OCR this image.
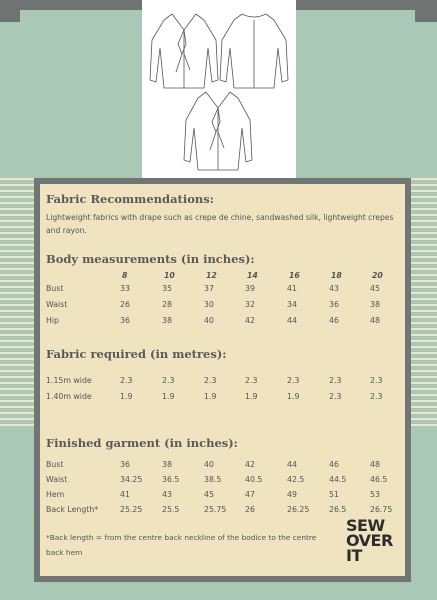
Fabric Recommendations:
Lightweight fabrics with drape such as crepe de chine, sandwashed silk, lightweight crepes and rayon.
Body measurements (in inches):
8	10	12	14	16	18	20
Bust	33	35	37	39	41	43	45
Waist	26	28	30	32	34	36	38
Hip	36	38	40	42	44	46	48
Fabric required (in metres):
1.15m wide	2.3	2.3	2.3	2.3	2.3	2.3	2.3
1.40m wide	1.9	1.9	1.9	1.9	1.9	2.3	2.3
Finished garment (in inches):
Bust	36	38	40	42	44	46	48
Waist	34.25	36.5	38.5	40.5	42.5	44.5	46.5
Hem	41	43	45	47	49	51	53
Back Length*	25.25	25.5	25.75	26	26.25	26.5	26.75
*Back length = from the centre back neckline of the bodice to the centre back hem
SEW
OVER
IT
